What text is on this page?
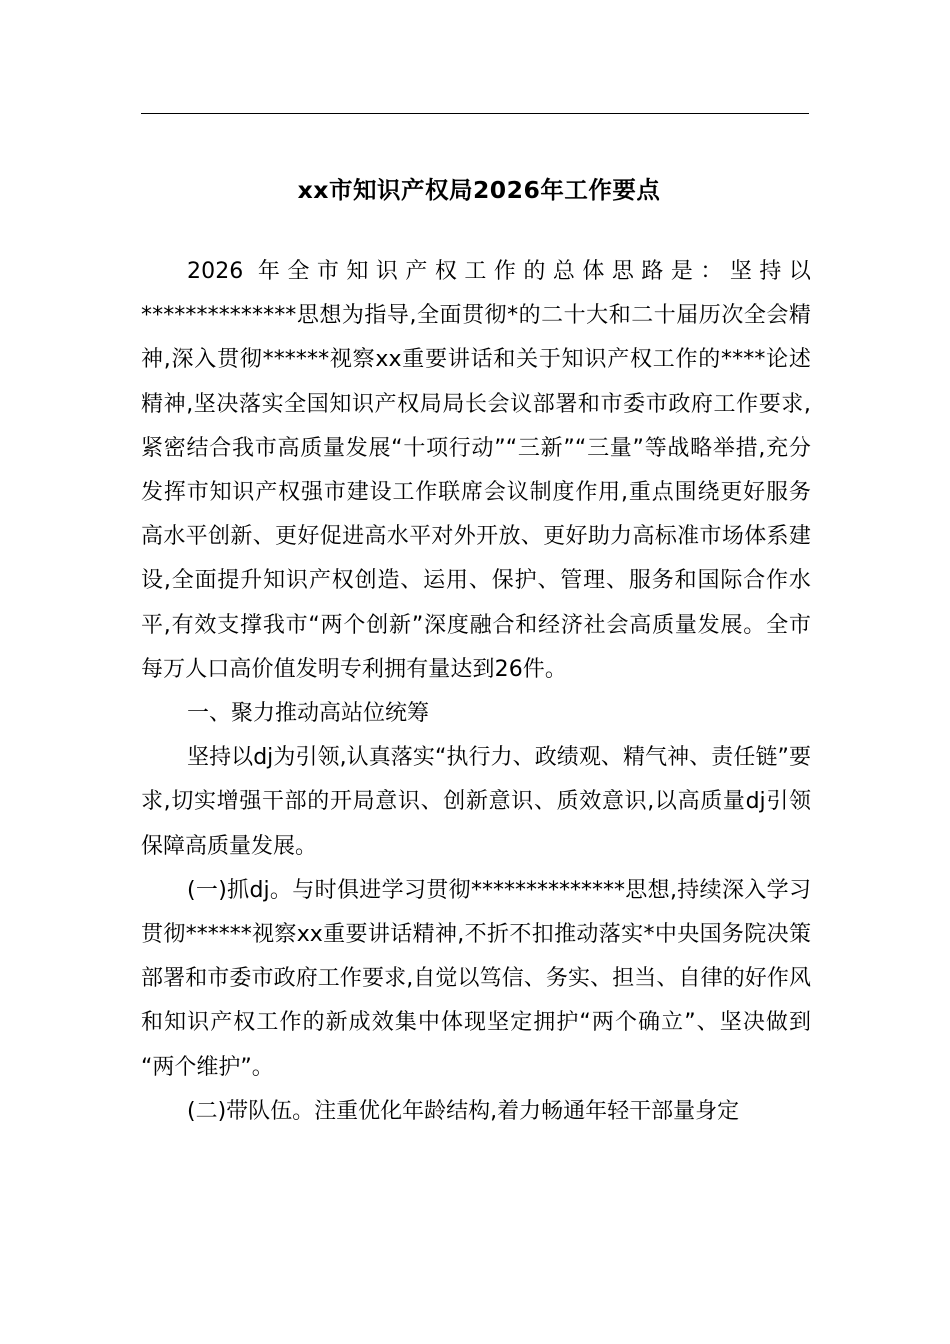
xx市知识产权局2026年工作要点

2026 年全市知识产权工作的总体思路是：坚持以**************思想为指导,全面贯彻*的二十大和二十届历次全会精神,深入贯彻******视察xx重要讲话和关于知识产权工作的****论述精神,坚决落实全国知识产权局局长会议部署和市委市政府工作要求,紧密结合我市高质量发展“十项行动”“三新”“三量”等战略举措,充分发挥市知识产权强市建设工作联席会议制度作用,重点围绕更好服务高水平创新、更好促进高水平对外开放、更好助力高标准市场体系建设,全面提升知识产权创造、运用、保护、管理、服务和国际合作水平,有效支撑我市“两个创新”深度融合和经济社会高质量发展。全市每万人口高价值发明专利拥有量达到26件。

一、聚力推动高站位统筹

坚持以dj为引领,认真落实“执行力、政绩观、精气神、责任链”要求,切实增强干部的开局意识、创新意识、质效意识,以高质量dj引领保障高质量发展。

(一)抓dj。与时俱进学习贯彻**************思想,持续深入学习贯彻******视察xx重要讲话精神,不折不扣推动落实*中央国务院决策部署和市委市政府工作要求,自觉以笃信、务实、担当、自律的好作风和知识产权工作的新成效集中体现坚定拥护“两个确立”、坚决做到“两个维护”。

(二)带队伍。注重优化年龄结构,着力畅通年轻干部量身定
